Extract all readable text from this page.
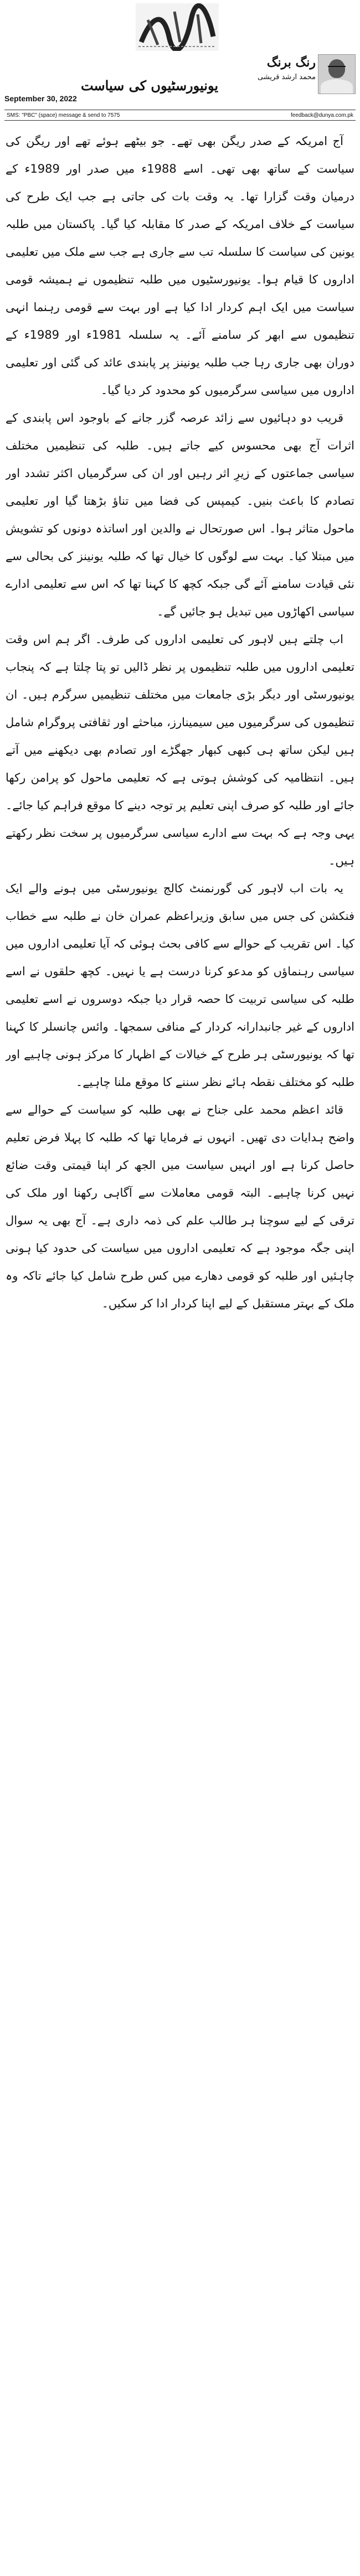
رنگ برنگ
محمد ارشد قریشی
یونیورسٹیوں کی سیاست
September 30, 2022
SMS: "PBC" (space) message & send to 7575	feedback@dunya.com.pk

آج امریکہ کے صدر ریگن بھی تھے۔ جو بیٹھے ہوئے تھے اور ریگن کی سیاست کے ساتھ بھی تھی۔ اسے 1988ء میں صدر اور 1989ء کے درمیان وقت گزارا تھا۔ یہ وقت بات کی جاتی ہے جب ایک طرح کی سیاست کے خلاف امریکہ کے صدر کا مقابلہ کیا گیا۔ پاکستان میں طلبہ یونین کی سیاست کا سلسلہ تب سے جاری ہے جب سے ملک میں تعلیمی اداروں کا قیام ہوا۔ یونیورسٹیوں میں طلبہ تنظیموں نے ہمیشہ قومی سیاست میں ایک اہم کردار ادا کیا ہے اور بہت سے قومی رہنما انہی تنظیموں سے ابھر کر سامنے آئے۔ یہ سلسلہ 1981ء اور 1989ء کے دوران بھی جاری رہا جب طلبہ یونینز پر پابندی عائد کی گئی اور تعلیمی اداروں میں سیاسی سرگرمیوں کو محدود کر دیا گیا۔

قریب دو دہائیوں سے زائد عرصہ گزر جانے کے باوجود اس پابندی کے اثرات آج بھی محسوس کیے جاتے ہیں۔ طلبہ کی تنظیمیں مختلف سیاسی جماعتوں کے زیرِ اثر رہیں اور ان کی سرگرمیاں اکثر تشدد اور تصادم کا باعث بنیں۔ کیمپس کی فضا میں تناؤ بڑھتا گیا اور تعلیمی ماحول متاثر ہوا۔ اس صورتحال نے والدین اور اساتذہ دونوں کو تشویش میں مبتلا کیا۔ بہت سے لوگوں کا خیال تھا کہ طلبہ یونینز کی بحالی سے نئی قیادت سامنے آئے گی جبکہ کچھ کا کہنا تھا کہ اس سے تعلیمی ادارے سیاسی اکھاڑوں میں تبدیل ہو جائیں گے۔

اب چلتے ہیں لاہور کی تعلیمی اداروں کی طرف۔ اگر ہم اس وقت تعلیمی اداروں میں طلبہ تنظیموں پر نظر ڈالیں تو پتا چلتا ہے کہ پنجاب یونیورسٹی اور دیگر بڑی جامعات میں مختلف تنظیمیں سرگرم ہیں۔ ان تنظیموں کی سرگرمیوں میں سیمینارز، مباحثے اور ثقافتی پروگرام شامل ہیں لیکن ساتھ ہی کبھی کبھار جھگڑے اور تصادم بھی دیکھنے میں آتے ہیں۔ انتظامیہ کی کوشش ہوتی ہے کہ تعلیمی ماحول کو پرامن رکھا جائے اور طلبہ کو صرف اپنی تعلیم پر توجہ دینے کا موقع فراہم کیا جائے۔ یہی وجہ ہے کہ بہت سے ادارے سیاسی سرگرمیوں پر سخت نظر رکھتے ہیں۔

یہ بات اب لاہور کی گورنمنٹ کالج یونیورسٹی میں ہونے والے ایک فنکشن کی جس میں سابق وزیراعظم عمران خان نے طلبہ سے خطاب کیا۔ اس تقریب کے حوالے سے کافی بحث ہوئی کہ آیا تعلیمی اداروں میں سیاسی رہنماؤں کو مدعو کرنا درست ہے یا نہیں۔ کچھ حلقوں نے اسے طلبہ کی سیاسی تربیت کا حصہ قرار دیا جبکہ دوسروں نے اسے تعلیمی اداروں کے غیر جانبدارانہ کردار کے منافی سمجھا۔ وائس چانسلر کا کہنا تھا کہ یونیورسٹی ہر طرح کے خیالات کے اظہار کا مرکز ہونی چاہیے اور طلبہ کو مختلف نقطہ ہائے نظر سننے کا موقع ملنا چاہیے۔

قائد اعظم محمد علی جناح نے بھی طلبہ کو سیاست کے حوالے سے واضح ہدایات دی تھیں۔ انہوں نے فرمایا تھا کہ طلبہ کا پہلا فرض تعلیم حاصل کرنا ہے اور انہیں سیاست میں الجھ کر اپنا قیمتی وقت ضائع نہیں کرنا چاہیے۔ البتہ قومی معاملات سے آگاہی رکھنا اور ملک کی ترقی کے لیے سوچنا ہر طالب علم کی ذمہ داری ہے۔ آج بھی یہ سوال اپنی جگہ موجود ہے کہ تعلیمی اداروں میں سیاست کی حدود کیا ہونی چاہئیں اور طلبہ کو قومی دھارے میں کس طرح شامل کیا جائے تاکہ وہ ملک کے بہتر مستقبل کے لیے اپنا کردار ادا کر سکیں۔
